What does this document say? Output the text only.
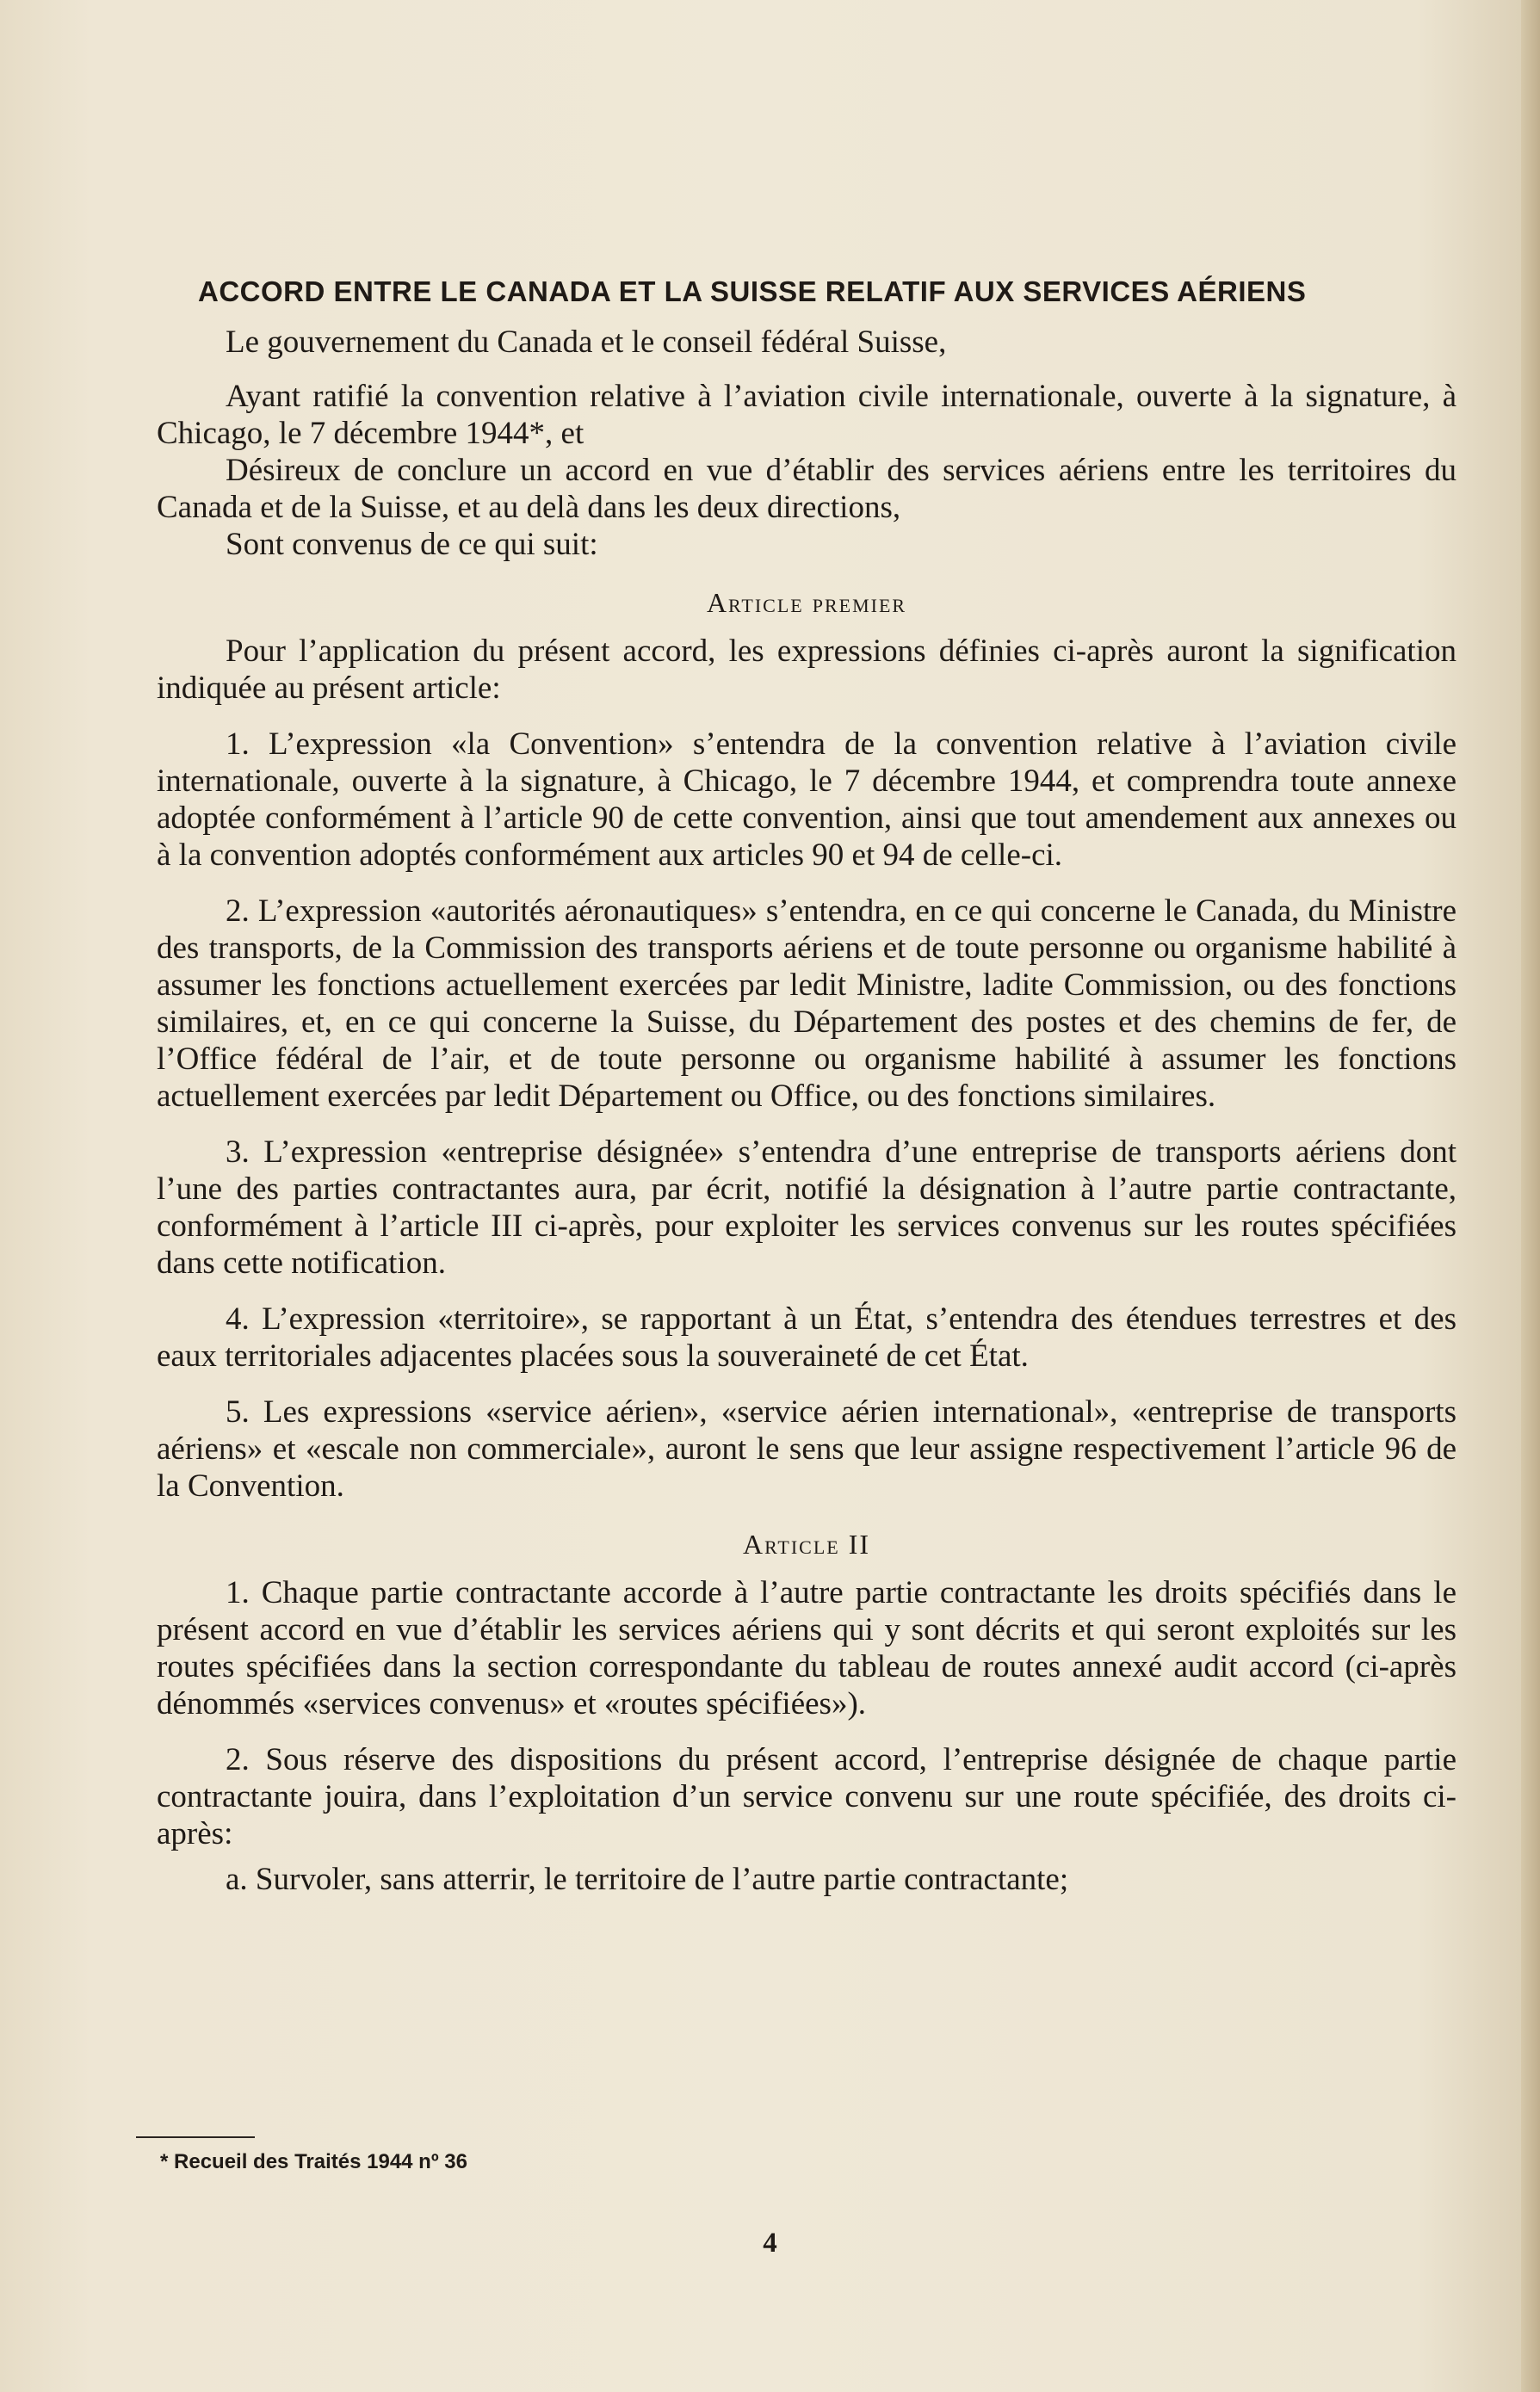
ACCORD ENTRE LE CANADA ET LA SUISSE RELATIF AUX SERVICES AÉRIENS

Le gouvernement du Canada et le conseil fédéral Suisse,

Ayant ratifié la convention relative à l’aviation civile internationale, ouverte à la signature, à Chicago, le 7 décembre 1944*, et

Désireux de conclure un accord en vue d’établir des services aériens entre les territoires du Canada et de la Suisse, et au delà dans les deux directions,

Sont convenus de ce qui suit:

Article premier

Pour l’application du présent accord, les expressions définies ci-après auront la signification indiquée au présent article:

1. L’expression «la Convention» s’entendra de la convention relative à l’aviation civile internationale, ouverte à la signature, à Chicago, le 7 décembre 1944, et comprendra toute annexe adoptée conformément à l’article 90 de cette convention, ainsi que tout amendement aux annexes ou à la convention adoptés conformément aux articles 90 et 94 de celle-ci.

2. L’expression «autorités aéronautiques» s’entendra, en ce qui concerne le Canada, du Ministre des transports, de la Commission des transports aériens et de toute personne ou organisme habilité à assumer les fonctions actuellement exercées par ledit Ministre, ladite Commission, ou des fonctions similaires, et, en ce qui concerne la Suisse, du Département des postes et des chemins de fer, de l’Office fédéral de l’air, et de toute personne ou organisme habilité à assumer les fonctions actuellement exercées par ledit Département ou Office, ou des fonctions similaires.

3. L’expression «entreprise désignée» s’entendra d’une entreprise de transports aériens dont l’une des parties contractantes aura, par écrit, notifié la désignation à l’autre partie contractante, conformément à l’article III ci-après, pour exploiter les services convenus sur les routes spécifiées dans cette notification.

4. L’expression «territoire», se rapportant à un État, s’entendra des étendues terrestres et des eaux territoriales adjacentes placées sous la souveraineté de cet État.

5. Les expressions «service aérien», «service aérien international», «entreprise de transports aériens» et «escale non commerciale», auront le sens que leur assigne respectivement l’article 96 de la Convention.

Article II

1. Chaque partie contractante accorde à l’autre partie contractante les droits spécifiés dans le présent accord en vue d’établir les services aériens qui y sont décrits et qui seront exploités sur les routes spécifiées dans la section correspondante du tableau de routes annexé audit accord (ci-après dénommés «services convenus» et «routes spécifiées»).

2. Sous réserve des dispositions du présent accord, l’entreprise désignée de chaque partie contractante jouira, dans l’exploitation d’un service convenu sur une route spécifiée, des droits ci-après:

a. Survoler, sans atterrir, le territoire de l’autre partie contractante;

* Recueil des Traités 1944 nº 36
4
